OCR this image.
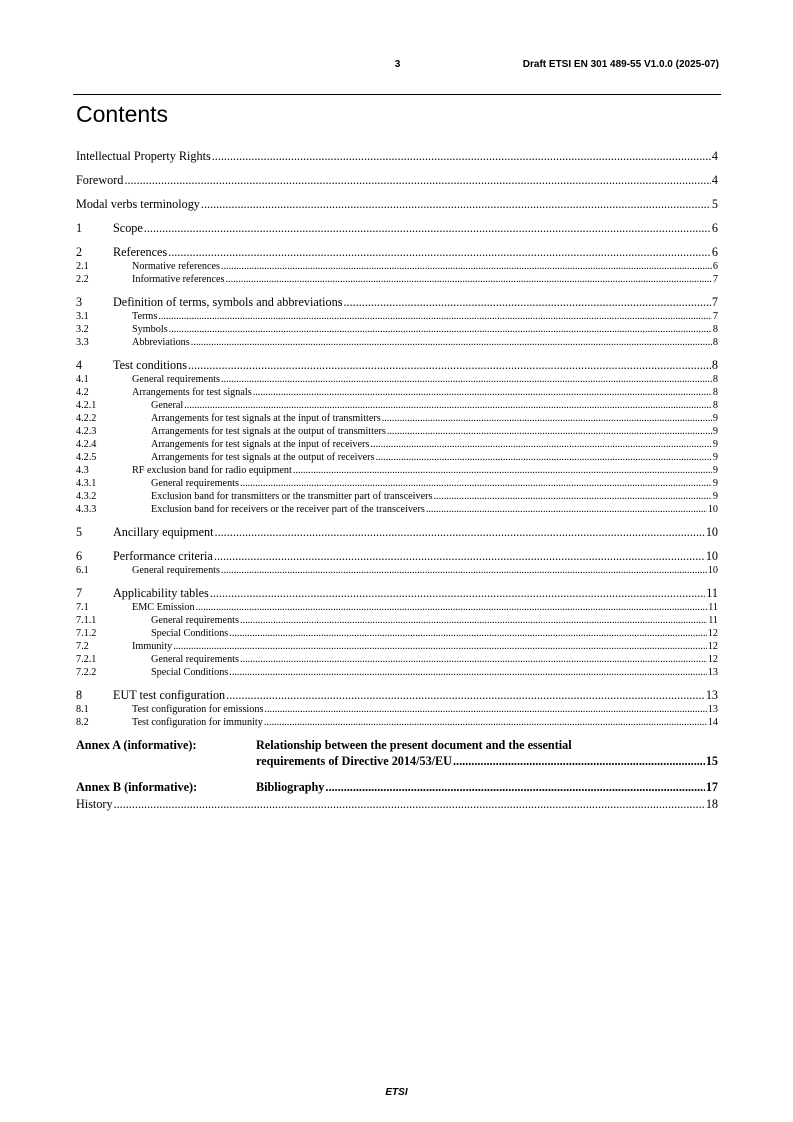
3	Draft ETSI EN 301 489-55 V1.0.0 (2025-07)
Contents
Intellectual Property Rights .....	4
Foreword .....	4
Modal verbs terminology .....	5
1	Scope .....	6
2	References .....	6
2.1	Normative references .....	6
2.2	Informative references .....	7
3	Definition of terms, symbols and abbreviations .....	7
3.1	Terms .....	7
3.2	Symbols .....	8
3.3	Abbreviations .....	8
4	Test conditions .....	8
4.1	General requirements .....	8
4.2	Arrangements for test signals .....	8
4.2.1	General .....	8
4.2.2	Arrangements for test signals at the input of transmitters .....	9
4.2.3	Arrangements for test signals at the output of transmitters .....	9
4.2.4	Arrangements for test signals at the input of receivers .....	9
4.2.5	Arrangements for test signals at the output of receivers .....	9
4.3	RF exclusion band for radio equipment .....	9
4.3.1	General requirements .....	9
4.3.2	Exclusion band for transmitters or the transmitter part of transceivers .....	9
4.3.3	Exclusion band for receivers or the receiver part of the transceivers .....	10
5	Ancillary equipment .....	10
6	Performance criteria .....	10
6.1	General requirements .....	10
7	Applicability tables .....	11
7.1	EMC Emission .....	11
7.1.1	General requirements .....	11
7.1.2	Special Conditions .....	12
7.2	Immunity .....	12
7.2.1	General requirements .....	12
7.2.2	Special Conditions .....	13
8	EUT test configuration .....	13
8.1	Test configuration for emissions .....	13
8.2	Test configuration for immunity .....	14
Annex A (informative):	Relationship between the present document and the essential
requirements of Directive 2014/53/EU .....	15
Annex B (informative):	Bibliography .....	17
History .....	18
ETSI
